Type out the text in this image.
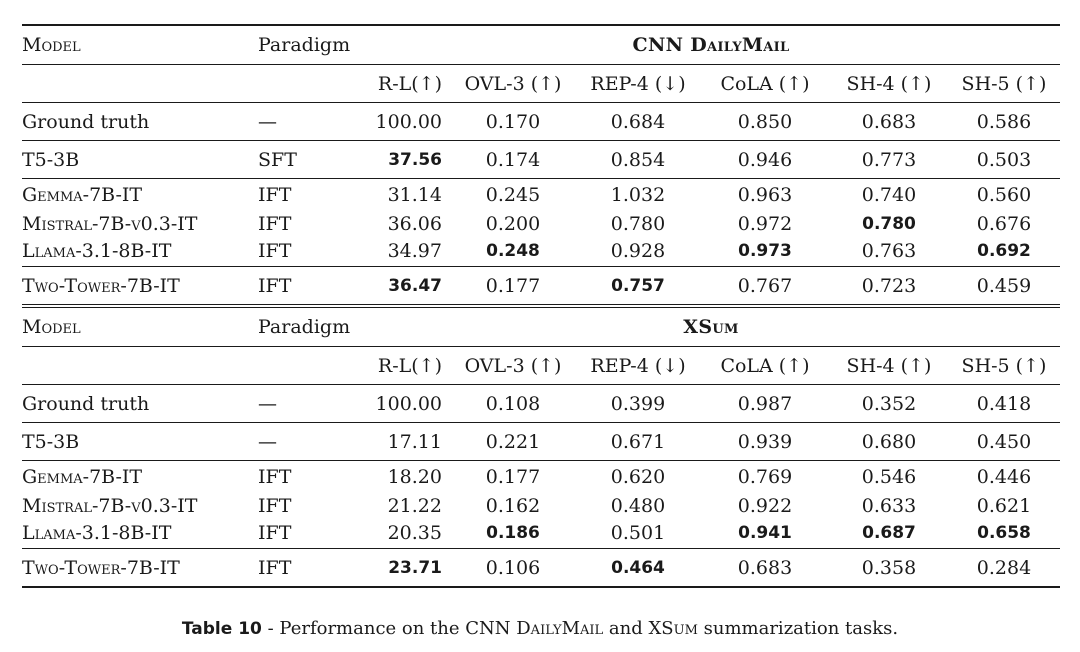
Model	Paradigm	CNN DailyMail					
		R-L(↑)	OVL-3 (↑)	REP-4 (↓)	CoLA (↑)	SH-4 (↑)	SH-5 (↑)
Ground truth	—	100.00	0.170	0.684	0.850	0.683	0.586
T5-3B	SFT	37.56	0.174	0.854	0.946	0.773	0.503
Gemma-7B-IT	IFT	31.14	0.245	1.032	0.963	0.740	0.560
Mistral-7B-v0.3-IT	IFT	36.06	0.200	0.780	0.972	0.780	0.676
Llama-3.1-8B-IT	IFT	34.97	0.248	0.928	0.973	0.763	0.692
Two-Tower-7B-IT	IFT	36.47	0.177	0.757	0.767	0.723	0.459
Model	Paradigm	XSum					
		R-L(↑)	OVL-3 (↑)	REP-4 (↓)	CoLA (↑)	SH-4 (↑)	SH-5 (↑)
Ground truth	—	100.00	0.108	0.399	0.987	0.352	0.418
T5-3B	—	17.11	0.221	0.671	0.939	0.680	0.450
Gemma-7B-IT	IFT	18.20	0.177	0.620	0.769	0.546	0.446
Mistral-7B-v0.3-IT	IFT	21.22	0.162	0.480	0.922	0.633	0.621
Llama-3.1-8B-IT	IFT	20.35	0.186	0.501	0.941	0.687	0.658
Two-Tower-7B-IT	IFT	23.71	0.106	0.464	0.683	0.358	0.284
Table 10 - Performance on the CNN DailyMail and XSum summarization tasks.
